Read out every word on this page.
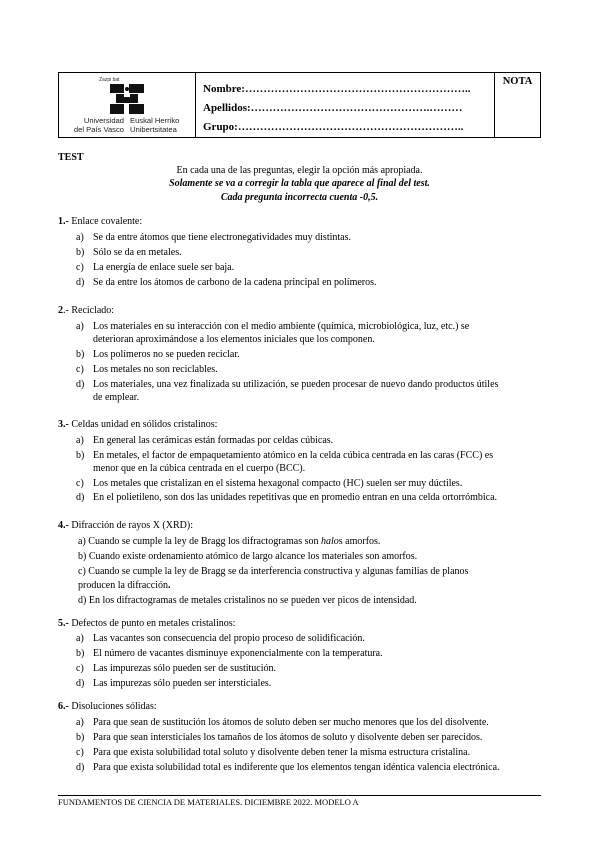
Zazpi bat
Universidad
del País Vasco
Euskal Herriko
Unibertsitatea
Nombre:……………………………………………………..
Apellidos:………………………………………….………
Grupo:……………………………………………………..
NOTA
TEST
En cada una de las preguntas, elegir la opción más apropiada.
Solamente se va a corregir la tabla que aparece al final del test.
Cada pregunta incorrecta cuenta -0,5.
1.- Enlace covalente:
a) Se da entre átomos que tiene electronegatividades muy distintas.
b) Sólo se da en metales.
c) La energía de enlace suele ser baja.
d) Se da entre los átomos de carbono de la cadena principal en polímeros.
2.- Reciclado:
a) Los materiales en su interacción con el medio ambiente (química, microbiológica, luz, etc.) se
deterioran aproximándose a los elementos iniciales que los componen.
b) Los polímeros no se pueden reciclar.
c) Los metales no son reciclables.
d) Los materiales, una vez finalizada su utilización, se pueden procesar de nuevo dando productos útiles
de emplear.
3.- Celdas unidad en sólidos cristalinos:
a) En general las cerámicas están formadas por celdas cúbicas.
b) En metales, el factor de empaquetamiento atómico en la celda cúbica centrada en las caras (FCC) es
menor que en la cúbica centrada en el cuerpo (BCC).
c) Los metales que cristalizan en el sistema hexagonal compacto (HC) suelen ser muy dúctiles.
d) En el polietileno, son dos las unidades repetitivas que en promedio entran en una celda ortorrómbica.
4.- Difracción de rayos X (XRD):
a) Cuando se cumple la ley de Bragg los difractogramas son halos amorfos.
b) Cuando existe ordenamiento atómico de largo alcance los materiales son amorfos.
c) Cuando se cumple la ley de Bragg se da interferencia constructiva y algunas familias de planos
producen la difracción.
d) En los difractogramas de metales cristalinos no se pueden ver picos de intensidad.
5.- Defectos de punto en metales cristalinos:
a) Las vacantes son consecuencia del propio proceso de solidificación.
b) El número de vacantes disminuye exponencialmente con la temperatura.
c) Las impurezas sólo pueden ser de sustitución.
d) Las impurezas sólo pueden ser intersticiales.
6.- Disoluciones sólidas:
a) Para que sean de sustitución los átomos de soluto deben ser mucho menores que los del disolvente.
b) Para que sean intersticiales los tamaños de los átomos de soluto y disolvente deben ser parecidos.
c) Para que exista solubilidad total soluto y disolvente deben tener la misma estructura cristalina.
d) Para que exista solubilidad total es indiferente que los elementos tengan idéntica valencia electrónica.
FUNDAMENTOS DE CIENCIA DE MATERIALES. DICIEMBRE 2022. MODELO A
